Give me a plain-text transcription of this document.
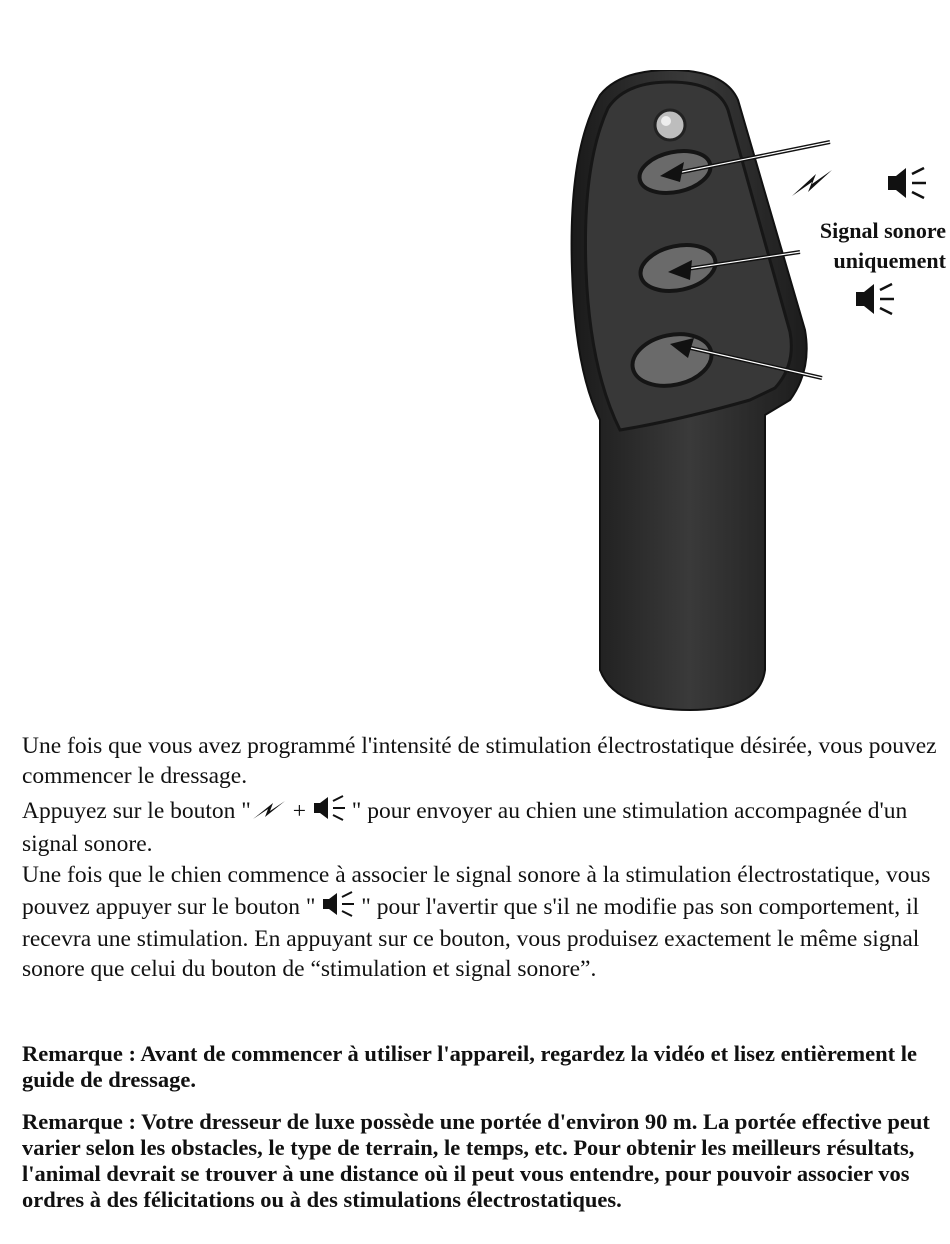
Signal sonore
uniquement

Une fois que vous avez programmé l'intensité de stimulation électrostatique désirée, vous pouvez commencer le dressage.

Appuyez sur le bouton " +  " pour envoyer au chien une stimulation accompagnée d'un signal sonore.

Une fois que le chien commence à associer le signal sonore à la stimulation électrostatique, vous pouvez appuyer sur le bouton " " pour l'avertir que s'il ne modifie pas son comportement, il recevra une stimulation. En appuyant sur ce bouton, vous produisez exactement le même signal sonore que celui du bouton de “stimulation et signal sonore”.

Remarque : Avant de commencer à utiliser l'appareil, regardez la vidéo et lisez entièrement le guide de dressage.

Remarque : Votre dresseur de luxe possède une portée d'environ 90 m. La portée effective peut varier selon les obstacles, le type de terrain, le temps, etc. Pour obtenir les meilleurs résultats, l'animal devrait se trouver à une distance où il peut vous entendre, pour pouvoir associer vos ordres à des félicitations ou à des stimulations électrostatiques.
